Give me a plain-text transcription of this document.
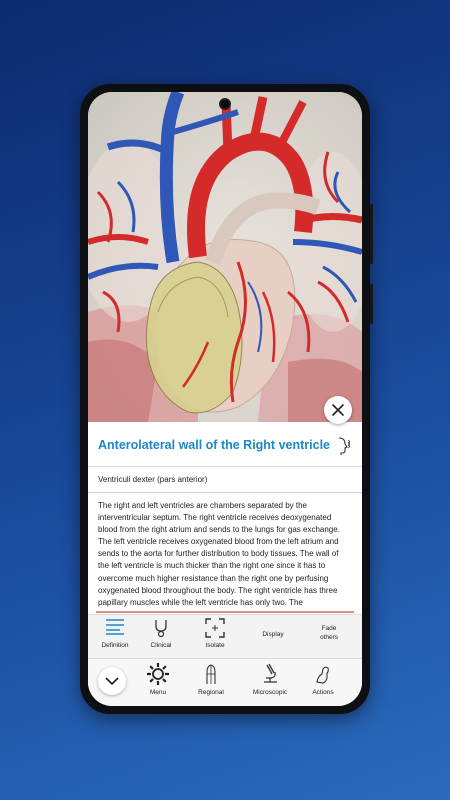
Anterolateral wall of the Right ventricle
Ventriculi dexter (pars anterior)
The right and left ventricles are chambers separated by the interventricular septum. The right ventricle receives deoxygenated blood from the right atrium and sends to the lungs for gas exchange. The left ventricle receives oxygenated blood from the left atrium and sends to the aorta for further distribution to body tissues. The wall of the left ventricle is much thicker than the right one since it has to overcome much higher resistance than the right one by perfusing oxygenated blood throughout the body. The right ventricle has three papillary muscles while the left ventricle has only two. The
Definition	Clinical	Isolate
Display
Fade
others
Menu	Regional	Microscopic	Actions
